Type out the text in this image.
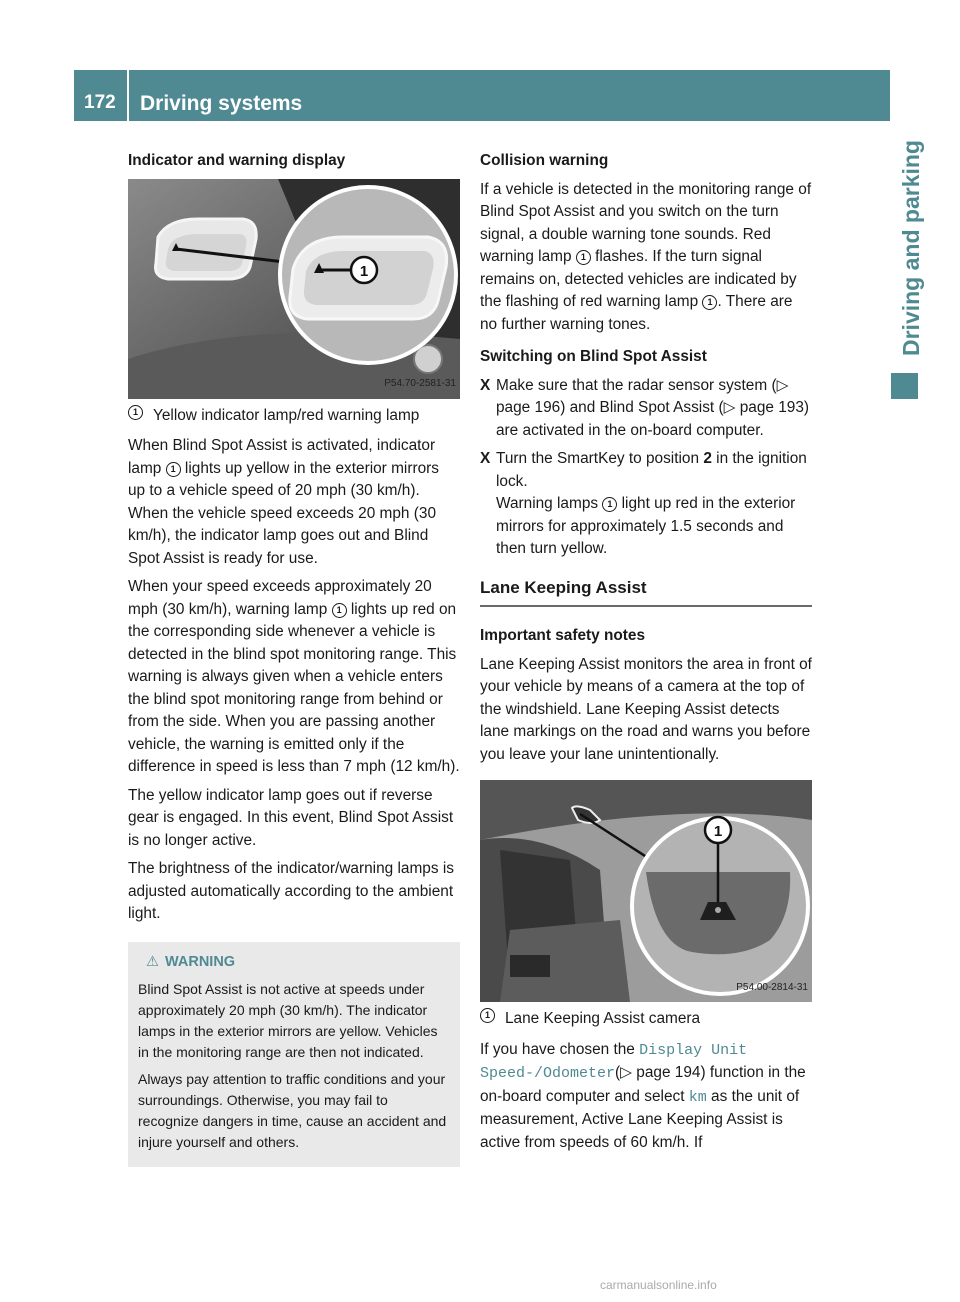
172	Driving systems
Driving and parking
Indicator and warning display
1
P54.70-2581-31
1 Yellow indicator lamp/red warning lamp

When Blind Spot Assist is activated, indicator lamp 1 lights up yellow in the exterior mirrors up to a vehicle speed of 20 mph (30 km/h). When the vehicle speed exceeds 20 mph (30 km/h), the indicator lamp goes out and Blind Spot Assist is ready for use.

When your speed exceeds approximately 20 mph (30 km/h), warning lamp 1 lights up red on the corresponding side whenever a vehicle is detected in the blind spot monitoring range. This warning is always given when a vehicle enters the blind spot monitoring range from behind or from the side. When you are passing another vehicle, the warning is emitted only if the difference in speed is less than 7 mph (12 km/h).

The yellow indicator lamp goes out if reverse gear is engaged. In this event, Blind Spot Assist is no longer active.

The brightness of the indicator/warning lamps is adjusted automatically according to the ambient light.

⚠ WARNING

Blind Spot Assist is not active at speeds under approximately 20 mph (30 km/h). The indicator lamps in the exterior mirrors are yellow. Vehicles in the monitoring range are then not indicated.

Always pay attention to traffic conditions and your surroundings. Otherwise, you may fail to recognize dangers in time, cause an accident and injure yourself and others.

Collision warning

If a vehicle is detected in the monitoring range of Blind Spot Assist and you switch on the turn signal, a double warning tone sounds. Red warning lamp 1 flashes. If the turn signal remains on, detected vehicles are indicated by the flashing of red warning lamp 1 . There are no further warning tones.

Switching on Blind Spot Assist
X Make sure that the radar sensor system (▷ page 196) and Blind Spot Assist (▷ page 193) are activated in the on-board computer.
X Turn the SmartKey to position 2 in the ignition lock.
Warning lamps 1 light up red in the exterior mirrors for approximately 1.5 seconds and then turn yellow.
Lane Keeping Assist
Important safety notes

Lane Keeping Assist monitors the area in front of your vehicle by means of a camera at the top of the windshield. Lane Keeping Assist detects lane markings on the road and warns you before you leave your lane unintentionally.

1
P54.00-2814-31
1 Lane Keeping Assist camera

If you have chosen the Display Unit Speed-/Odometer(▷ page 194) function in the on-board computer and select km as the unit of measurement, Active Lane Keeping Assist is active from speeds of 60 km/h. If

carmanualsonline.info
